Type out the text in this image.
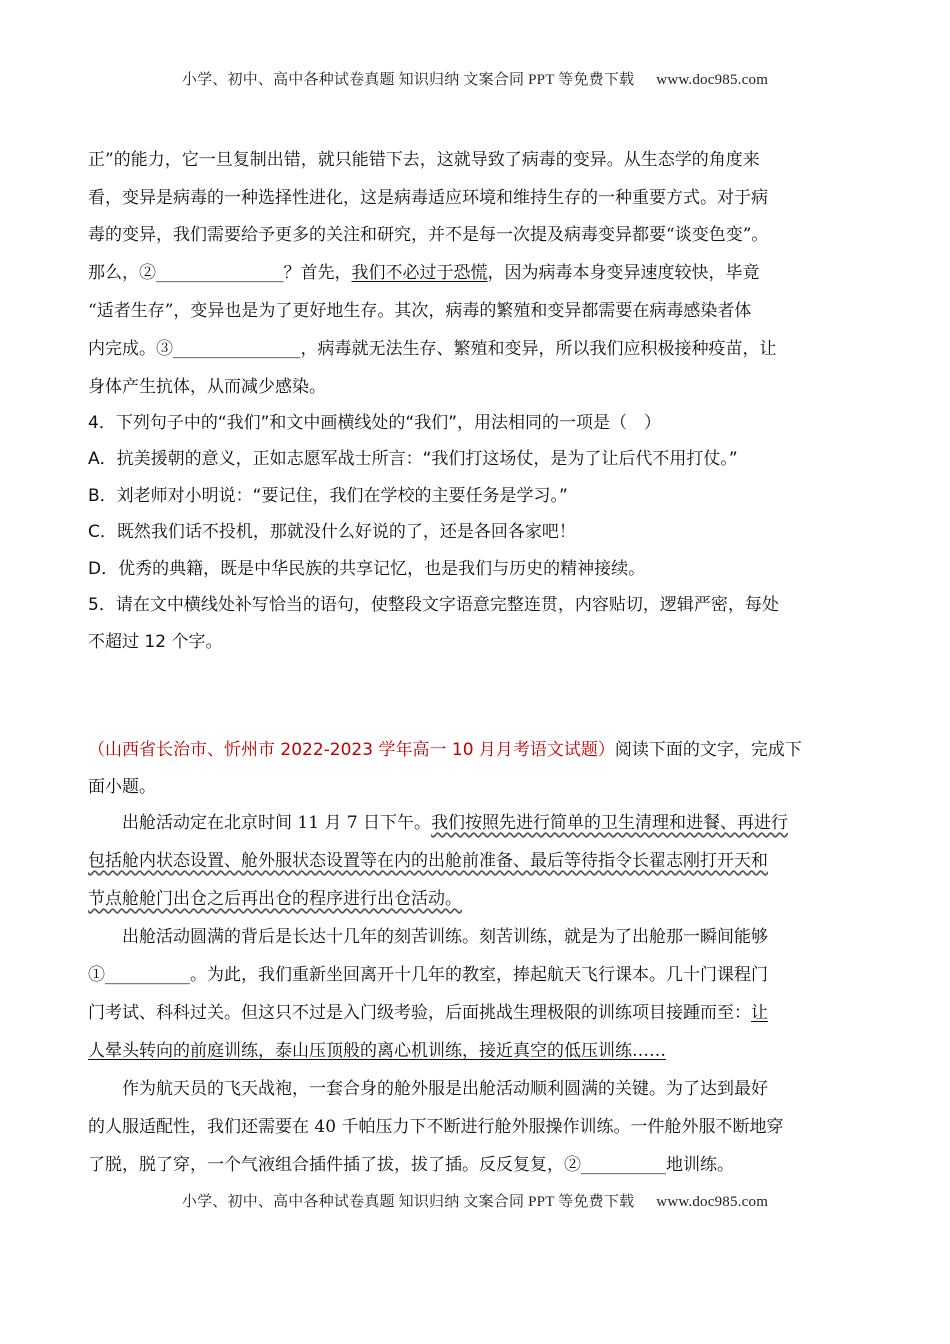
小学、初中、高中各种试卷真题 知识归纳 文案合同 PPT 等免费下载 www.doc985.com
正”的能力，它一旦复制出错，就只能错下去，这就导致了病毒的变异。从生态学的角度来
看，变异是病毒的一种选择性进化，这是病毒适应环境和维持生存的一种重要方式。对于病
毒的变异，我们需要给予更多的关注和研究，并不是每一次提及病毒变异都要“谈变色变”。
那么，②_______________？首先，我们不必过于恐慌，因为病毒本身变异速度较快，毕竟
“适者生存”，变异也是为了更好地生存。其次，病毒的繁殖和变异都需要在病毒感染者体
内完成。③_______________，病毒就无法生存、繁殖和变异，所以我们应积极接种疫苗，让
身体产生抗体，从而减少感染。
4．下列句子中的“我们”和文中画横线处的“我们”，用法相同的一项是（　）
A．抗美援朝的意义，正如志愿军战士所言：“我们打这场仗，是为了让后代不用打仗。”
B．刘老师对小明说：“要记住，我们在学校的主要任务是学习。”
C．既然我们话不投机，那就没什么好说的了，还是各回各家吧！
D．优秀的典籍，既是中华民族的共享记忆，也是我们与历史的精神接续。
5．请在文中横线处补写恰当的语句，使整段文字语意完整连贯，内容贴切，逻辑严密，每处
不超过 12 个字。
（山西省长治市、忻州市 2022-2023 学年高一 10 月月考语文试题）阅读下面的文字，完成下
面小题。
出舱活动定在北京时间 11 月 7 日下午。我们按照先进行简单的卫生清理和进餐、再进行
包括舱内状态设置、舱外服状态设置等在内的出舱前准备、最后等待指令长翟志刚打开天和
节点舱舱门出仓之后再出仓的程序进行出仓活动。
出舱活动圆满的背后是长达十几年的刻苦训练。刻苦训练，就是为了出舱那一瞬间能够
①__________。为此，我们重新坐回离开十几年的教室，捧起航天飞行课本。几十门课程门
门考试、科科过关。但这只不过是入门级考验，后面挑战生理极限的训练项目接踵而至：让
人晕头转向的前庭训练，泰山压顶般的离心机训练，接近真空的低压训练……
作为航天员的飞天战袍，一套合身的舱外服是出舱活动顺利圆满的关键。为了达到最好
的人服适配性，我们还需要在 40 千帕压力下不断进行舱外服操作训练。一件舱外服不断地穿
了脱，脱了穿，一个气液组合插件插了拔，拔了插。反反复复，②__________地训练。
小学、初中、高中各种试卷真题 知识归纳 文案合同 PPT 等免费下载 www.doc985.com
